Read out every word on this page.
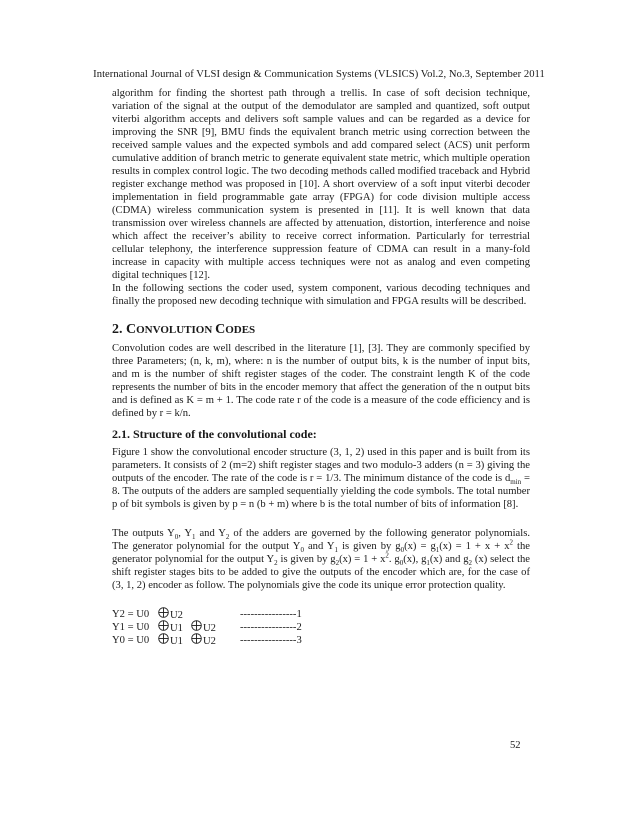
International Journal of VLSI design & Communication Systems (VLSICS) Vol.2, No.3, September 2011

algorithm for finding the shortest path through a trellis. In case of soft decision technique, variation of the signal at the output of the demodulator are sampled and quantized, soft output viterbi algorithm accepts and delivers soft sample values and can be regarded as a device for improving the SNR [9], BMU finds the equivalent branch metric using correction between the received sample values and the expected symbols and add compared select (ACS) unit perform cumulative addition of branch metric to generate equivalent state metric, which multiple operation results in complex control logic. The two decoding methods called modified traceback and Hybrid register exchange method was proposed in [10]. A short overview of a soft input viterbi decoder implementation in field programmable gate array (FPGA) for code division multiple access (CDMA) wireless communication system is presented in [11]. It is well known that data transmission over wireless channels are affected by attenuation, distortion, interference and noise which affect the receiver’s ability to receive correct information. Particularly for terrestrial cellular telephony, the interference suppression feature of CDMA can result in a many-fold increase in capacity with multiple access techniques were not as analog and even competing digital techniques [12].

In the following sections the coder used, system component, various decoding techniques and finally the proposed new decoding technique with simulation and FPGA results will be described.

2. CONVOLUTION CODES

Convolution codes are well described in the literature [1], [3]. They are commonly specified by three Parameters; (n, k, m), where: n is the number of output bits, k is the number of input bits, and m is the number of shift register stages of the coder. The constraint length K of the code represents the number of bits in the encoder memory that affect the generation of the n output bits and is defined as K = m + 1. The code rate r of the code is a measure of the code efficiency and is defined by r = k/n.

2.1. Structure of the convolutional code:

Figure 1 show the convolutional encoder structure (3, 1, 2) used in this paper and is built from its parameters. It consists of 2 (m=2) shift register stages and two modulo-3 adders (n = 3) giving the outputs of the encoder. The rate of the code is r = 1/3. The minimum distance of the code is $d_{min} = 8$. The outputs of the adders are sampled sequentially yielding the code symbols. The total number p of bit symbols is given by p = n (b + m) where b is the total number of bits of information [8].

The outputs $Y_0$, $Y_1$ and $Y_2$ of the adders are governed by the following generator polynomials. The generator polynomial for the output $Y_0$ and $Y_1$ is given by $g_0(x) = g_1(x) = 1 + x + x^2$ the generator polynomial for the output $Y_2$ is given by $g_2(x) = 1 + x^2$. $g_0(x)$, $g_1(x)$ and $g_2$ (x) select the shift register stages bits to be added to give the outputs of the encoder which are, for the case of (3, 1, 2) encoder as follow. The polynomials give the code its unique error protection quality.

Y2 = U0	U2	----------------1
Y1 = U0	U1 U2	----------------2
Y0 = U0	U1 U2	----------------3
52
